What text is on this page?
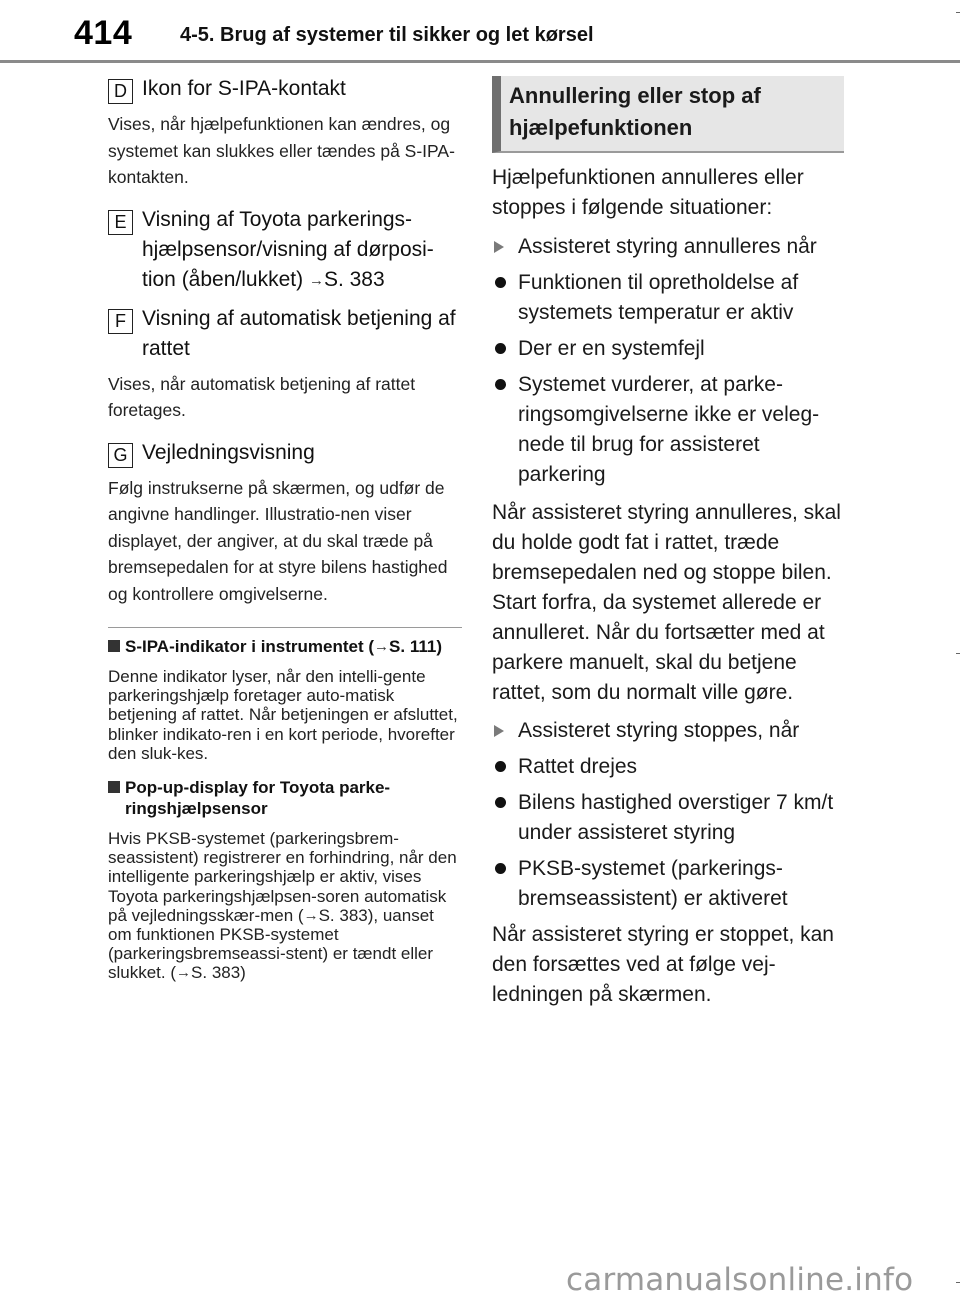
414 4-5. Brug af systemer til sikker og let kørsel
D Ikon for S-IPA-kontakt
Vises, når hjælpefunktionen kan ændres, og systemet kan slukkes eller tændes på S-IPA-kontakten.
E Visning af Toyota parkerings-hjælpsensor/visning af dørposi-tion (åben/lukket) →S. 383
F Visning af automatisk betjening af rattet
Vises, når automatisk betjening af rattet foretages.
G Vejledningsvisning
Følg instrukserne på skærmen, og udfør de angivne handlinger. Illustratio-nen viser displayet, der angiver, at du skal træde på bremsepedalen for at styre bilens hastighed og kontrollere omgivelserne.
S-IPA-indikator i instrumentet (→S. 111)
Denne indikator lyser, når den intelli-gente parkeringshjælp foretager auto-matisk betjening af rattet. Når betjeningen er afsluttet, blinker indikato-ren i en kort periode, hvorefter den sluk-kes.
Pop-up-display for Toyota parke-ringshjælpsensor
Hvis PKSB-systemet (parkeringsbrem-seassistent) registrerer en forhindring, når den intelligente parkeringshjælp er aktiv, vises Toyota parkeringshjælpsen-soren automatisk på vejledningsskær-men (→S. 383), uanset om funktionen PKSB-systemet (parkeringsbremseassi-stent) er tændt eller slukket. (→S. 383)
Annullering eller stop af hjælpefunktionen
Hjælpefunktionen annulleres eller stoppes i følgende situationer:
Assisteret styring annulleres når
Funktionen til opretholdelse af systemets temperatur er aktiv
Der er en systemfejl
Systemet vurderer, at parke-ringsomgivelserne ikke er veleg-nede til brug for assisteret parkering
Når assisteret styring annulleres, skal du holde godt fat i rattet, træde bremsepedalen ned og stoppe bilen.
Start forfra, da systemet allerede er annulleret. Når du fortsætter med at parkere manuelt, skal du betjene rattet, som du normalt ville gøre.
Assisteret styring stoppes, når
Rattet drejes
Bilens hastighed overstiger 7 km/t under assisteret styring
PKSB-systemet (parkerings-bremseassistent) er aktiveret
Når assisteret styring er stoppet, kan den forsættes ved at følge vej-ledningen på skærmen.
carmanualsonline.info
